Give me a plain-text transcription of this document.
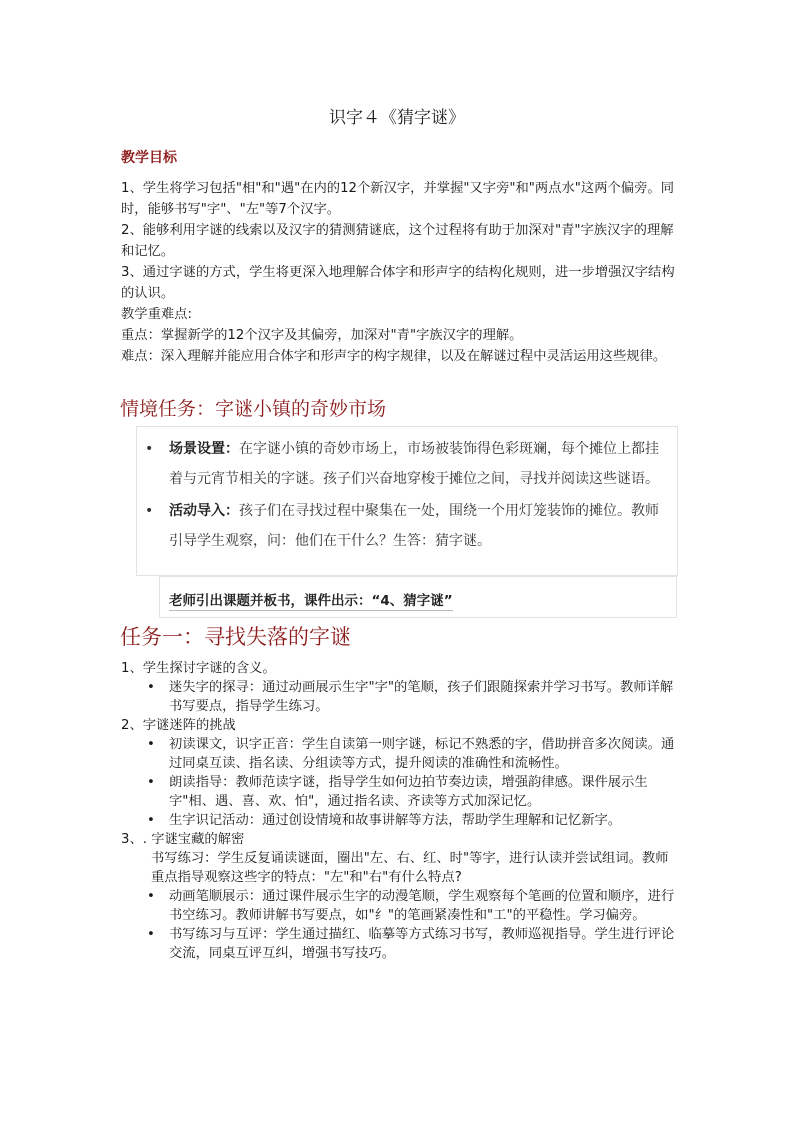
识字４《猜字谜》
教学目标

1、学生将学习包括"相"和"遇"在内的12个新汉字，并掌握"又字旁"和"两点水"这两个偏旁。同时，能够书写"字"、"左"等7个汉字。

2、能够利用字谜的线索以及汉字的猜测猜谜底，这个过程将有助于加深对"青"字族汉字的理解和记忆。

3、通过字谜的方式，学生将更深入地理解合体字和形声字的结构化规则，进一步增强汉字结构的认识。

教学重难点:

重点：掌握新学的12个汉字及其偏旁，加深对"青"字族汉字的理解。

难点：深入理解并能应用合体字和形声字的构字规律，以及在解谜过程中灵活运用这些规律。

情境任务：字谜小镇的奇妙市场
• 场景设置：在字谜小镇的奇妙市场上，市场被装饰得色彩斑斓，每个摊位上都挂着与元宵节相关的字谜。孩子们兴奋地穿梭于摊位之间，寻找并阅读这些谜语。
• 活动导入：孩子们在寻找过程中聚集在一处，围绕一个用灯笼装饰的摊位。教师引导学生观察，问：他们在干什么？生答：猜字谜。
老师引出课题并板书，课件出示：“4、猜字谜”
任务一：寻找失落的字谜

1、学生探讨字谜的含义。

• 迷失字的探寻：通过动画展示生字"字"的笔顺，孩子们跟随探索并学习书写。教师详解书写要点，指导学生练习。

2、字谜迷阵的挑战

• 初读课文，识字正音：学生自读第一则字谜，标记不熟悉的字，借助拼音多次阅读。通过同桌互读、指名读、分组读等方式，提升阅读的准确性和流畅性。

• 朗读指导：教师范读字谜，指导学生如何边拍节奏边读，增强韵律感。课件展示生字"相、遇、喜、欢、怕"，通过指名读、齐读等方式加深记忆。

• 生字识记活动：通过创设情境和故事讲解等方法，帮助学生理解和记忆新字。

3、. 字谜宝藏的解密

书写练习：学生反复诵读谜面，圈出"左、右、红、时"等字，进行认读并尝试组词。教师重点指导观察这些字的特点："左"和"右"有什么特点?

• 动画笔顺展示：通过课件展示生字的动漫笔顺，学生观察每个笔画的位置和顺序，进行书空练习。教师讲解书写要点，如"纟"的笔画紧凑性和"工"的平稳性。学习偏旁。

• 书写练习与互评：学生通过描红、临摹等方式练习书写，教师巡视指导。学生进行评论交流，同桌互评互纠，增强书写技巧。
